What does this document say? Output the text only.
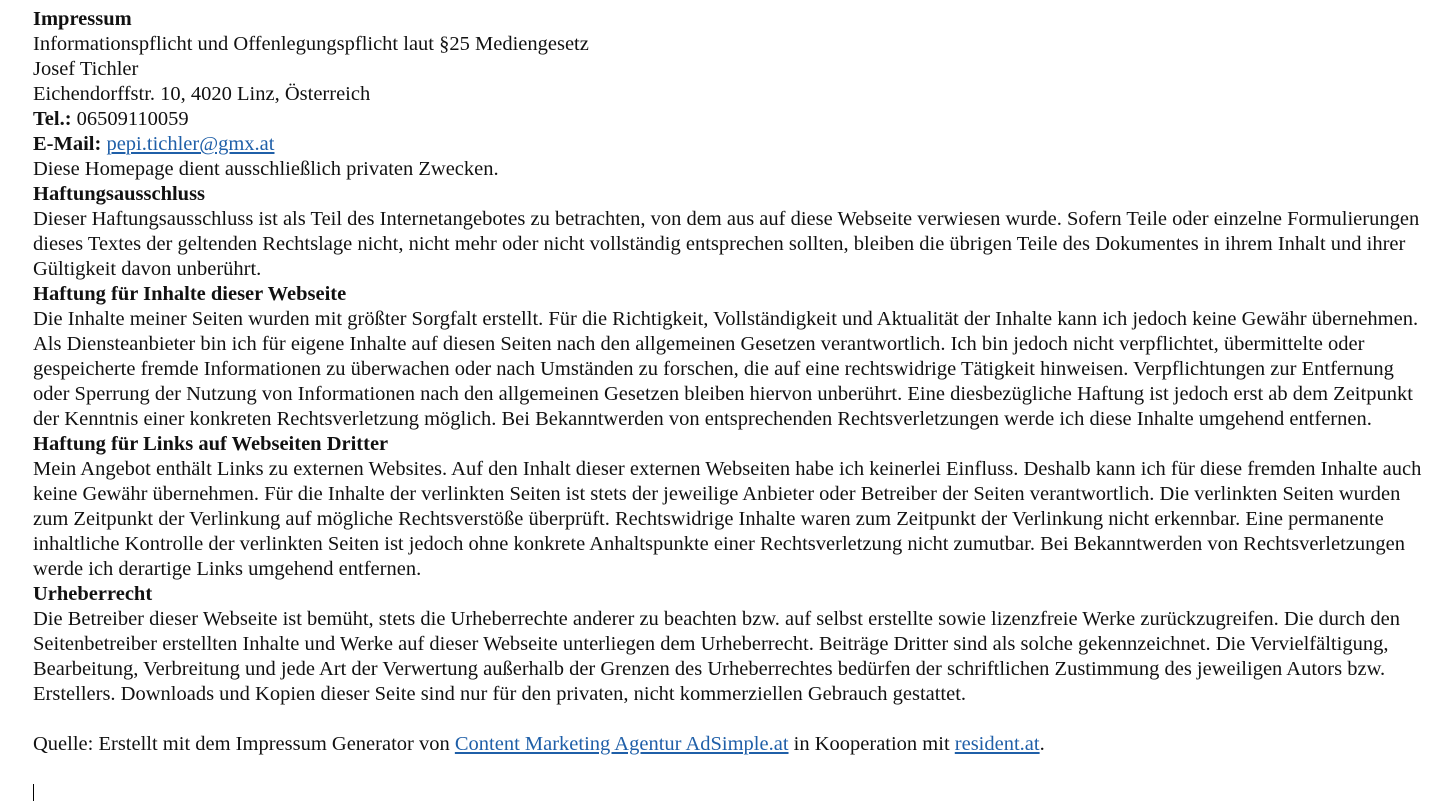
Impressum
Informationspflicht und Offenlegungspflicht laut §25 Mediengesetz
Josef Tichler
Eichendorffstr. 10, 4020 Linz, Österreich
Tel.: 06509110059
E-Mail: pepi.tichler@gmx.at
Diese Homepage dient ausschließlich privaten Zwecken.
Haftungsausschluss

Dieser Haftungsausschluss ist als Teil des Internetangebotes zu betrachten, von dem aus auf diese Webseite verwiesen wurde. Sofern Teile oder einzelne Formulierungen dieses Textes der geltenden Rechtslage nicht, nicht mehr oder nicht vollständig entsprechen sollten, bleiben die übrigen Teile des Dokumentes in ihrem Inhalt und ihrer Gültigkeit davon unberührt.

Haftung für Inhalte dieser Webseite

Die Inhalte meiner Seiten wurden mit größter Sorgfalt erstellt. Für die Richtigkeit, Vollständigkeit und Aktualität der Inhalte kann ich jedoch keine Gewähr übernehmen. Als Diensteanbieter bin ich für eigene Inhalte auf diesen Seiten nach den allgemeinen Gesetzen verantwortlich. Ich bin jedoch nicht verpflichtet, übermittelte oder gespeicherte fremde Informationen zu überwachen oder nach Umständen zu forschen, die auf eine rechtswidrige Tätigkeit hinweisen. Verpflichtungen zur Entfernung oder Sperrung der Nutzung von Informationen nach den allgemeinen Gesetzen bleiben hiervon unberührt. Eine diesbezügliche Haftung ist jedoch erst ab dem Zeitpunkt der Kenntnis einer konkreten Rechtsverletzung möglich. Bei Bekanntwerden von entsprechenden Rechtsverletzungen werde ich diese Inhalte umgehend entfernen.

Haftung für Links auf Webseiten Dritter

Mein Angebot enthält Links zu externen Websites. Auf den Inhalt dieser externen Webseiten habe ich keinerlei Einfluss. Deshalb kann ich für diese fremden Inhalte auch keine Gewähr übernehmen. Für die Inhalte der verlinkten Seiten ist stets der jeweilige Anbieter oder Betreiber der Seiten verantwortlich. Die verlinkten Seiten wurden zum Zeitpunkt der Verlinkung auf mögliche Rechtsverstöße überprüft. Rechtswidrige Inhalte waren zum Zeitpunkt der Verlinkung nicht erkennbar. Eine permanente inhaltliche Kontrolle der verlinkten Seiten ist jedoch ohne konkrete Anhaltspunkte einer Rechtsverletzung nicht zumutbar. Bei Bekanntwerden von Rechtsverletzungen werde ich derartige Links umgehend entfernen.

Urheberrecht

Die Betreiber dieser Webseite ist bemüht, stets die Urheberrechte anderer zu beachten bzw. auf selbst erstellte sowie lizenzfreie Werke zurückzugreifen. Die durch den Seitenbetreiber erstellten Inhalte und Werke auf dieser Webseite unterliegen dem Urheberrecht. Beiträge Dritter sind als solche gekennzeichnet. Die Vervielfältigung, Bearbeitung, Verbreitung und jede Art der Verwertung außerhalb der Grenzen des Urheberrechtes bedürfen der schriftlichen Zustimmung des jeweiligen Autors bzw. Erstellers. Downloads und Kopien dieser Seite sind nur für den privaten, nicht kommerziellen Gebrauch gestattet.

Quelle: Erstellt mit dem Impressum Generator von Content Marketing Agentur AdSimple.at in Kooperation mit resident.at.
